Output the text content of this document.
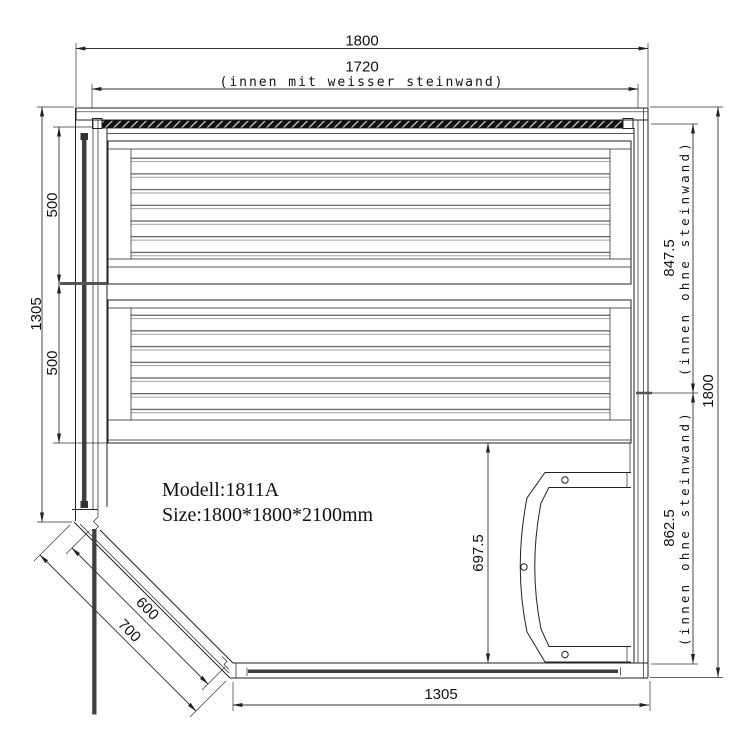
1800
1720
(innen mit weisser steinwand)
1305
500
500
847.5 (innen ohne steinwand)
862.5 (innen ohne steinwand)
1800
697.5
1305
600
700
Modell:1811A
Size:1800*1800*2100mm
